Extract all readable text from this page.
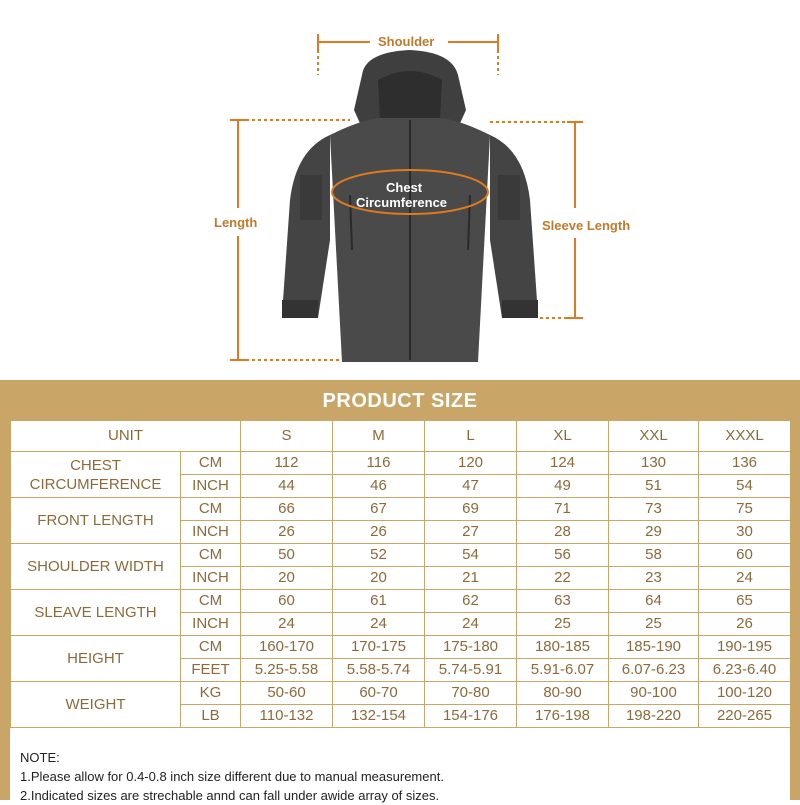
Shoulder
Chest
Circumference
Length	Sleeve Length
PRODUCT SIZE
UNIT		S	M	L	XL	XXL	XXXL
CHEST CIRCUMFERENCE	CM	112	116	120	124	130	136
	INCH	44	46	47	49	51	54
FRONT LENGTH	CM	66	67	69	71	73	75
	INCH	26	26	27	28	29	30
SHOULDER WIDTH	CM	50	52	54	56	58	60
	INCH	20	20	21	22	23	24
SLEAVE LENGTH	CM	60	61	62	63	64	65
	INCH	24	24	24	25	25	26
HEIGHT	CM	160-170	170-175	175-180	180-185	185-190	190-195
	FEET	5.25-5.58	5.58-5.74	5.74-5.91	5.91-6.07	6.07-6.23	6.23-6.40
WEIGHT	KG	50-60	60-70	70-80	80-90	90-100	100-120
	LB	110-132	132-154	154-176	176-198	198-220	220-265
NOTE:
1.Please allow for 0.4-0.8 inch size different due to manual measurement.
2.Indicated sizes are strechable annd can fall under awide array of sizes.
